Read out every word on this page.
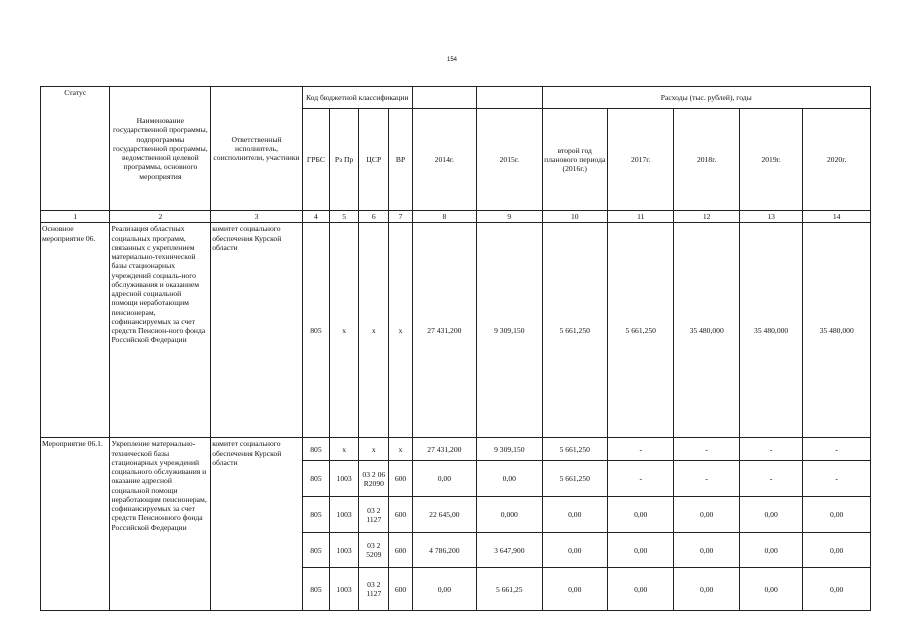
154
Статус	Наименование государственной программы, подпрограммы государственной программы, ведомственной целевой программы, основного мероприятия	Ответственный исполнитель, соисполнители, участники	Код бюджетной классификации						Расходы (тыс. рублей), годы				
			ГРБС	Рз Пр	ЦСР	ВР	2014г.	2015г.	второй год планового периода (2016г.)	2017г.	2018г.	2019г.	2020г.
1	2	3	4	5	6	7	8	9	10	11	12	13	14
Основное мероприятие 06.	Реализация областных социальных программ, связанных с укреплением материально-технической базы стационарных учреждений социаль-ного обслуживания и оказанием адресной социальной помощи неработающим пенсионерам, софинансируемых за счет средств Пенсион-ного фонда Российской Федерации	комитет социального обеспечения Курской области	805	x	x	x	27 431,200	9 309,150	5 661,250	5 661,250	35 480,000	35 480,000	35 480,000
Мероприятие 06.1.	Укрепление материально-технической базы стационарных учреждений социального обслуживания и оказание адресной социальной помощи неработающим пенсионерам, софинансируемых за счет средств Пенсионного фонда Российской Федерации	комитет социального обеспечения Курской области	805	x	x	x	27 431,200	9 309,150	5 661,250	-	-	-	-
			805	1003	03 2 06 R2090	600	0,00	0,00	5 661,250	-	-	-	-
			805	1003	03 2 1127	600	22 645,00	0,000	0,00	0,00	0,00	0,00	0,00
			805	1003	03 2 5209	600	4 786,200	3 647,900	0,00	0,00	0,00	0,00	0,00
			805	1003	03 2 1127	600	0,00	5 661,25	0,00	0,00	0,00	0,00	0,00
